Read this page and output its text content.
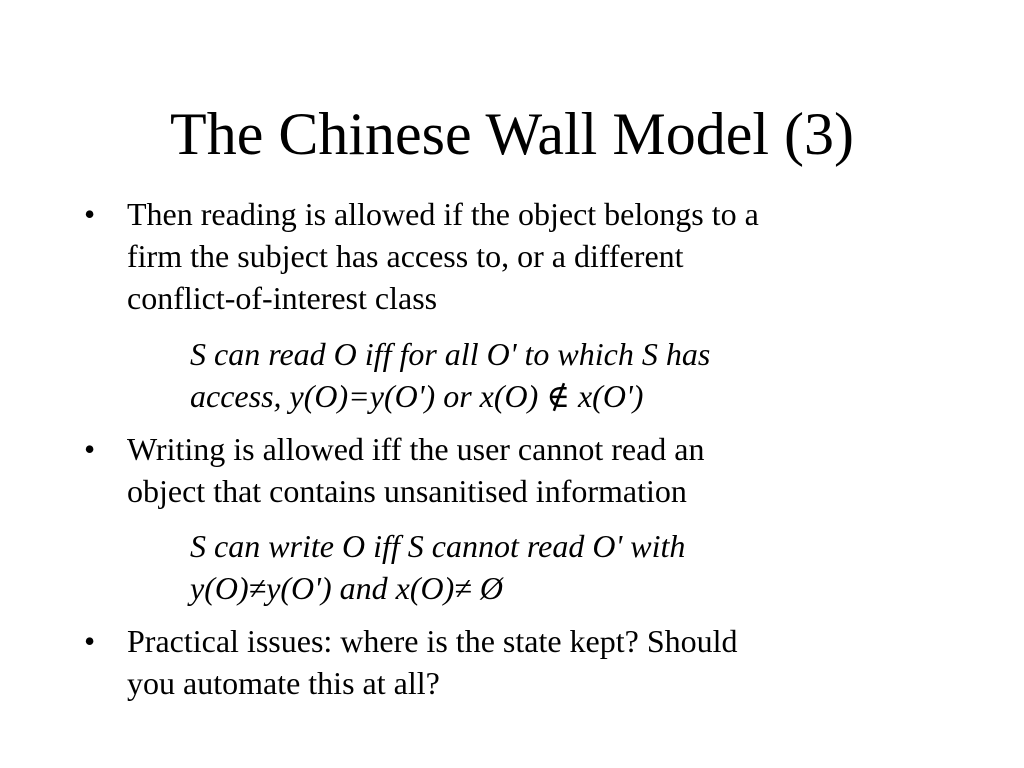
The Chinese Wall Model (3)
• Then reading is allowed if the object belongs to a
firm the subject has access to, or a different
conflict-of-interest class
S can read O iff for all O' to which S has
access, y(O)=y(O') or x(O) ∉ x(O')
• Writing is allowed iff the user cannot read an
object that contains unsanitised information
S can write O iff S cannot read O' with
y(O)≠y(O') and x(O)≠ Ø
• Practical issues: where is the state kept? Should
you automate this at all?
